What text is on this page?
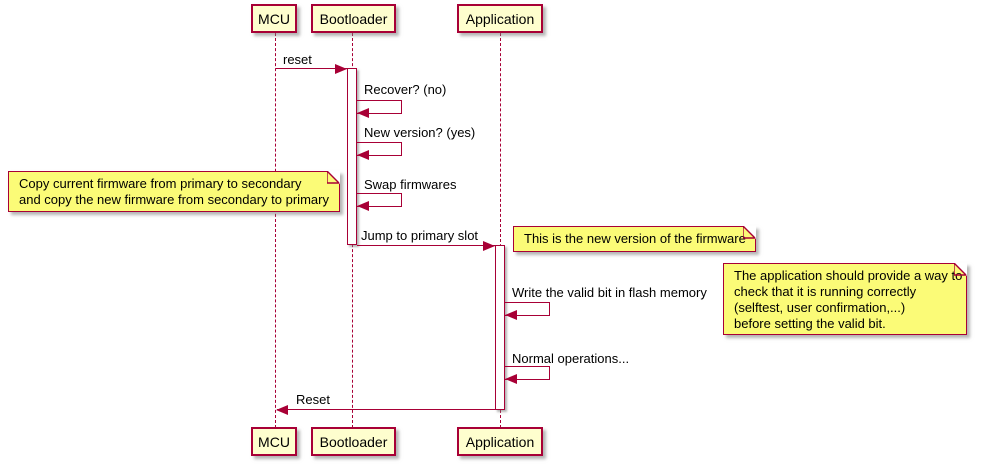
MCU Bootloader	Application
reset
Recover? (no)
New version? (yes)
Swap firmwares
Copy current firmware from primary to secondary
and copy the new firmware from secondary to primary
Jump to primary slot	This is the new version of the firmware
Write the valid bit in flash memory
The application should provide a way to
check that it is running correctly
(selftest, user confirmation,...)
before setting the valid bit.
Normal operations...
Reset
MCU Bootloader	Application
